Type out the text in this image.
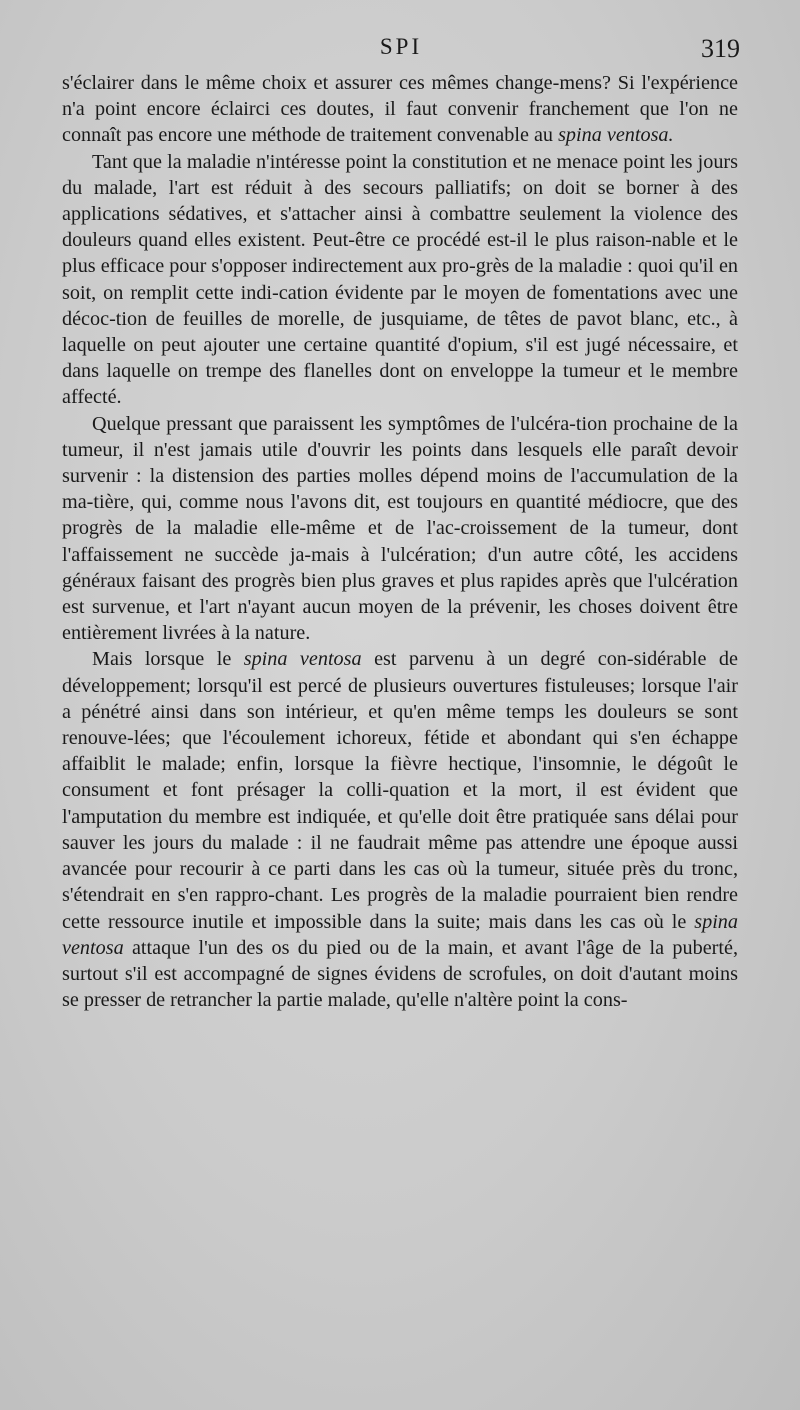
SPI	319

s'éclairer dans le même choix et assurer ces mêmes change-mens? Si l'expérience n'a point encore éclairci ces doutes, il faut convenir franchement que l'on ne connaît pas encore une méthode de traitement convenable au spina ventosa.

Tant que la maladie n'intéresse point la constitution et ne menace point les jours du malade, l'art est réduit à des secours palliatifs; on doit se borner à des applications sédatives, et s'attacher ainsi à combattre seulement la violence des douleurs quand elles existent. Peut-être ce procédé est-il le plus raison-nable et le plus efficace pour s'opposer indirectement aux pro-grès de la maladie : quoi qu'il en soit, on remplit cette indi-cation évidente par le moyen de fomentations avec une décoc-tion de feuilles de morelle, de jusquiame, de têtes de pavot blanc, etc., à laquelle on peut ajouter une certaine quantité d'opium, s'il est jugé nécessaire, et dans laquelle on trempe des flanelles dont on enveloppe la tumeur et le membre affecté.

Quelque pressant que paraissent les symptômes de l'ulcéra-tion prochaine de la tumeur, il n'est jamais utile d'ouvrir les points dans lesquels elle paraît devoir survenir : la distension des parties molles dépend moins de l'accumulation de la ma-tière, qui, comme nous l'avons dit, est toujours en quantité médiocre, que des progrès de la maladie elle-même et de l'ac-croissement de la tumeur, dont l'affaissement ne succède ja-mais à l'ulcération; d'un autre côté, les accidens généraux faisant des progrès bien plus graves et plus rapides après que l'ulcération est survenue, et l'art n'ayant aucun moyen de la prévenir, les choses doivent être entièrement livrées à la nature.

Mais lorsque le spina ventosa est parvenu à un degré con-sidérable de développement; lorsqu'il est percé de plusieurs ouvertures fistuleuses; lorsque l'air a pénétré ainsi dans son intérieur, et qu'en même temps les douleurs se sont renouve-lées; que l'écoulement ichoreux, fétide et abondant qui s'en échappe affaiblit le malade; enfin, lorsque la fièvre hectique, l'insomnie, le dégoût le consument et font présager la colli-quation et la mort, il est évident que l'amputation du membre est indiquée, et qu'elle doit être pratiquée sans délai pour sauver les jours du malade : il ne faudrait même pas attendre une époque aussi avancée pour recourir à ce parti dans les cas où la tumeur, située près du tronc, s'étendrait en s'en rappro-chant. Les progrès de la maladie pourraient bien rendre cette ressource inutile et impossible dans la suite; mais dans les cas où le spina ventosa attaque l'un des os du pied ou de la main, et avant l'âge de la puberté, surtout s'il est accompagné de signes évidens de scrofules, on doit d'autant moins se presser de retrancher la partie malade, qu'elle n'altère point la cons-
